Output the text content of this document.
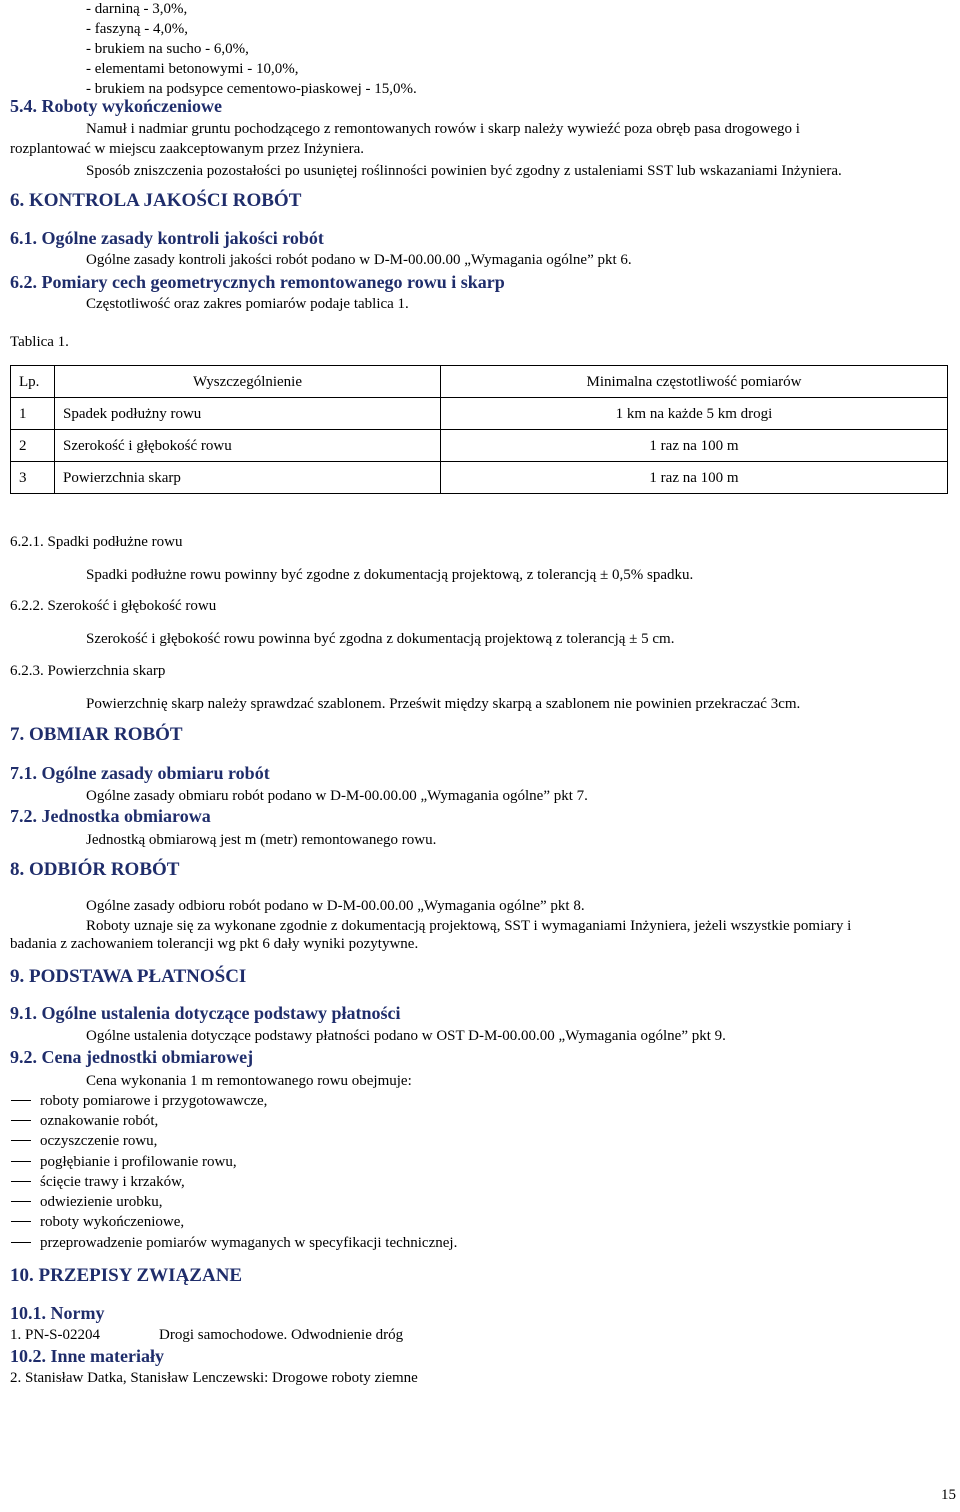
- darniną - 3,0%,
- faszyną - 4,0%,
- brukiem na sucho - 6,0%,
- elementami betonowymi - 10,0%,
- brukiem na podsypce cementowo-piaskowej - 15,0%.
5.4. Roboty wykończeniowe
Namuł i nadmiar gruntu pochodzącego z remontowanych rowów i skarp należy wywieźć poza obręb pasa drogowego i
rozplantować w miejscu zaakceptowanym przez Inżyniera.
Sposób zniszczenia pozostałości po usuniętej roślinności powinien być zgodny z ustaleniami SST lub wskazaniami Inżyniera.
6. KONTROLA JAKOŚCI ROBÓT
6.1. Ogólne zasady kontroli jakości robót
Ogólne zasady kontroli jakości robót podano w D-M-00.00.00 „Wymagania ogólne” pkt 6.
6.2. Pomiary cech geometrycznych remontowanego rowu i skarp
Częstotliwość oraz zakres pomiarów podaje tablica 1.
Tablica 1.
Lp.	Wyszczególnienie	Minimalna częstotliwość pomiarów
1	Spadek podłużny rowu	1 km na każde 5 km drogi
2	Szerokość i głębokość rowu	1 raz na 100 m
3	Powierzchnia skarp	1 raz na 100 m
6.2.1. Spadki podłużne rowu
Spadki podłużne rowu powinny być zgodne z dokumentacją projektową, z tolerancją ± 0,5% spadku.
6.2.2. Szerokość i głębokość rowu
Szerokość i głębokość rowu powinna być zgodna z dokumentacją projektową z tolerancją ± 5 cm.
6.2.3. Powierzchnia skarp
Powierzchnię skarp należy sprawdzać szablonem. Prześwit między skarpą a szablonem nie powinien przekraczać 3cm.
7. OBMIAR ROBÓT
7.1. Ogólne zasady obmiaru robót
Ogólne zasady obmiaru robót podano w D-M-00.00.00 „Wymagania ogólne” pkt 7.
7.2. Jednostka obmiarowa
Jednostką obmiarową jest m (metr) remontowanego rowu.
8. ODBIÓR ROBÓT
Ogólne zasady odbioru robót podano w D-M-00.00.00 „Wymagania ogólne” pkt 8.
Roboty uznaje się za wykonane zgodnie z dokumentacją projektową, SST i wymaganiami Inżyniera, jeżeli wszystkie pomiary i
badania z zachowaniem tolerancji wg pkt 6 dały wyniki pozytywne.
9. PODSTAWA PŁATNOŚCI
9.1. Ogólne ustalenia dotyczące podstawy płatności
Ogólne ustalenia dotyczące podstawy płatności podano w OST D-M-00.00.00 „Wymagania ogólne” pkt 9.
9.2. Cena jednostki obmiarowej
Cena wykonania 1 m remontowanego rowu obejmuje:
roboty pomiarowe i przygotowawcze,
oznakowanie robót,
oczyszczenie rowu,
pogłębianie i profilowanie rowu,
ścięcie trawy i krzaków,
odwiezienie urobku,
roboty wykończeniowe,
przeprowadzenie pomiarów wymaganych w specyfikacji technicznej.
10. PRZEPISY ZWIĄZANE
10.1. Normy
1. PN-S-02204	Drogi samochodowe. Odwodnienie dróg
10.2. Inne materiały
2. Stanisław Datka, Stanisław Lenczewski: Drogowe roboty ziemne
15
